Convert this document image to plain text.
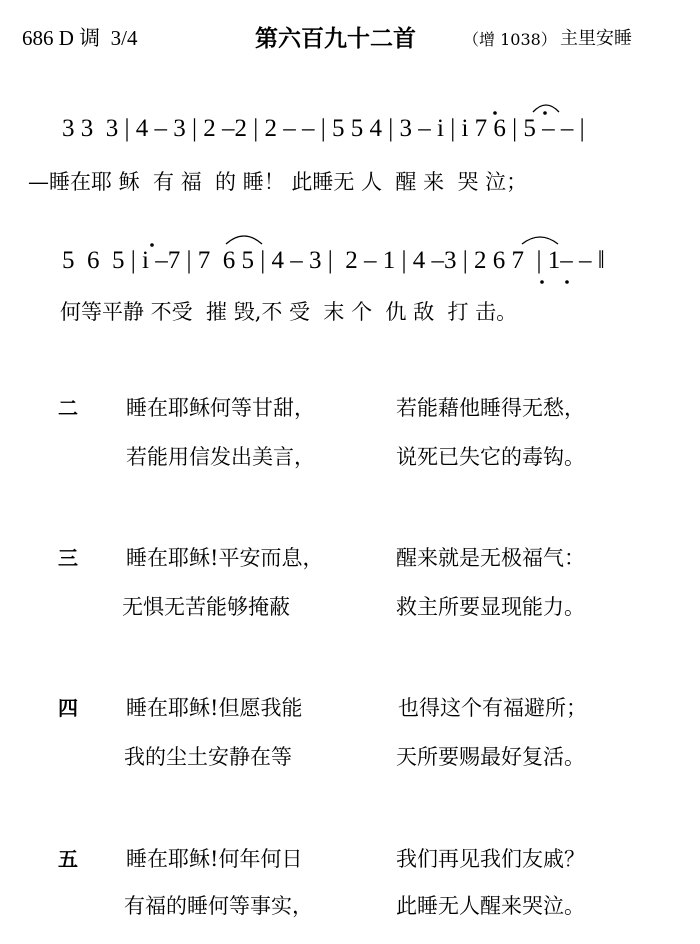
686 D 调  3/4	第六百九十二首	（增 1038） 主里安睡
3 3  3 | 4 – 3 | 2 –2 | 2 – – | 5 5 4 | 3 – i | i 7 6 | 5 – – |
—睡在耶 稣  有 福  的 睡！ 此睡无 人  醒 来  哭 泣；
5  6  5 | i –7 | 7  6 5 | 4 – 3 |  2 – 1 | 4 –3 | 2 6 7  | 1– – ‖
何等平静 不受  摧 毁,不 受  末 个  仇 敌  打 击。
二 睡在耶稣何等甘甜，	若能藉他睡得无愁，
若能用信发出美言，	说死已失它的毒钩。
三 睡在耶稣!平安而息，	醒来就是无极福气：
无惧无苦能够掩蔽	救主所要显现能力。
四 睡在耶稣!但愿我能	也得这个有福避所；
我的尘土安静在等	天所要赐最好复活。
五 睡在耶稣!何年何日	我们再见我们友戚？
有福的睡何等事实，	此睡无人醒来哭泣。
